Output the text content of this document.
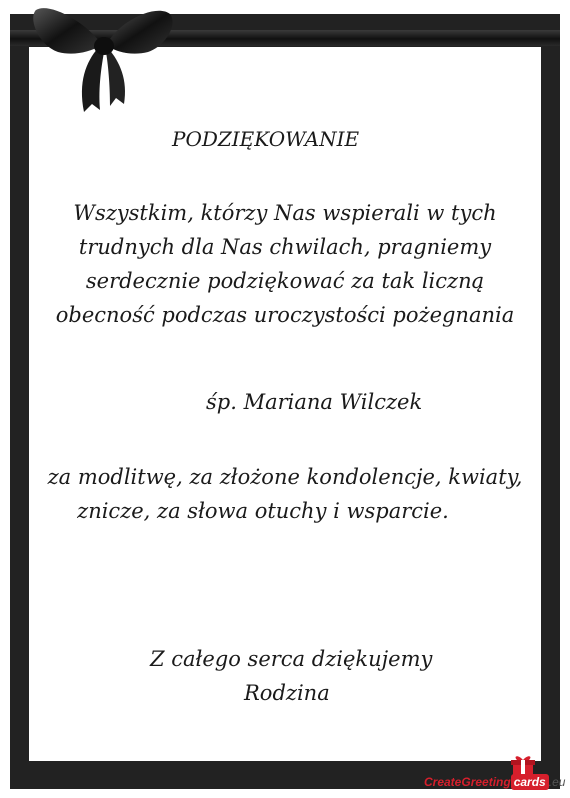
PODZIĘKOWANIE
Wszystkim, którzy Nas wspierali w tych
trudnych dla Nas chwilach, pragniemy
serdecznie podziękować za tak liczną
obecność podczas uroczystości pożegnania
śp. Mariana Wilczek
za modlitwę, za złożone kondolencje, kwiaty,
znicze, za słowa otuchy i wsparcie.
Z całego serca dziękujemy
Rodzina
CreateGreeting cards .eu
